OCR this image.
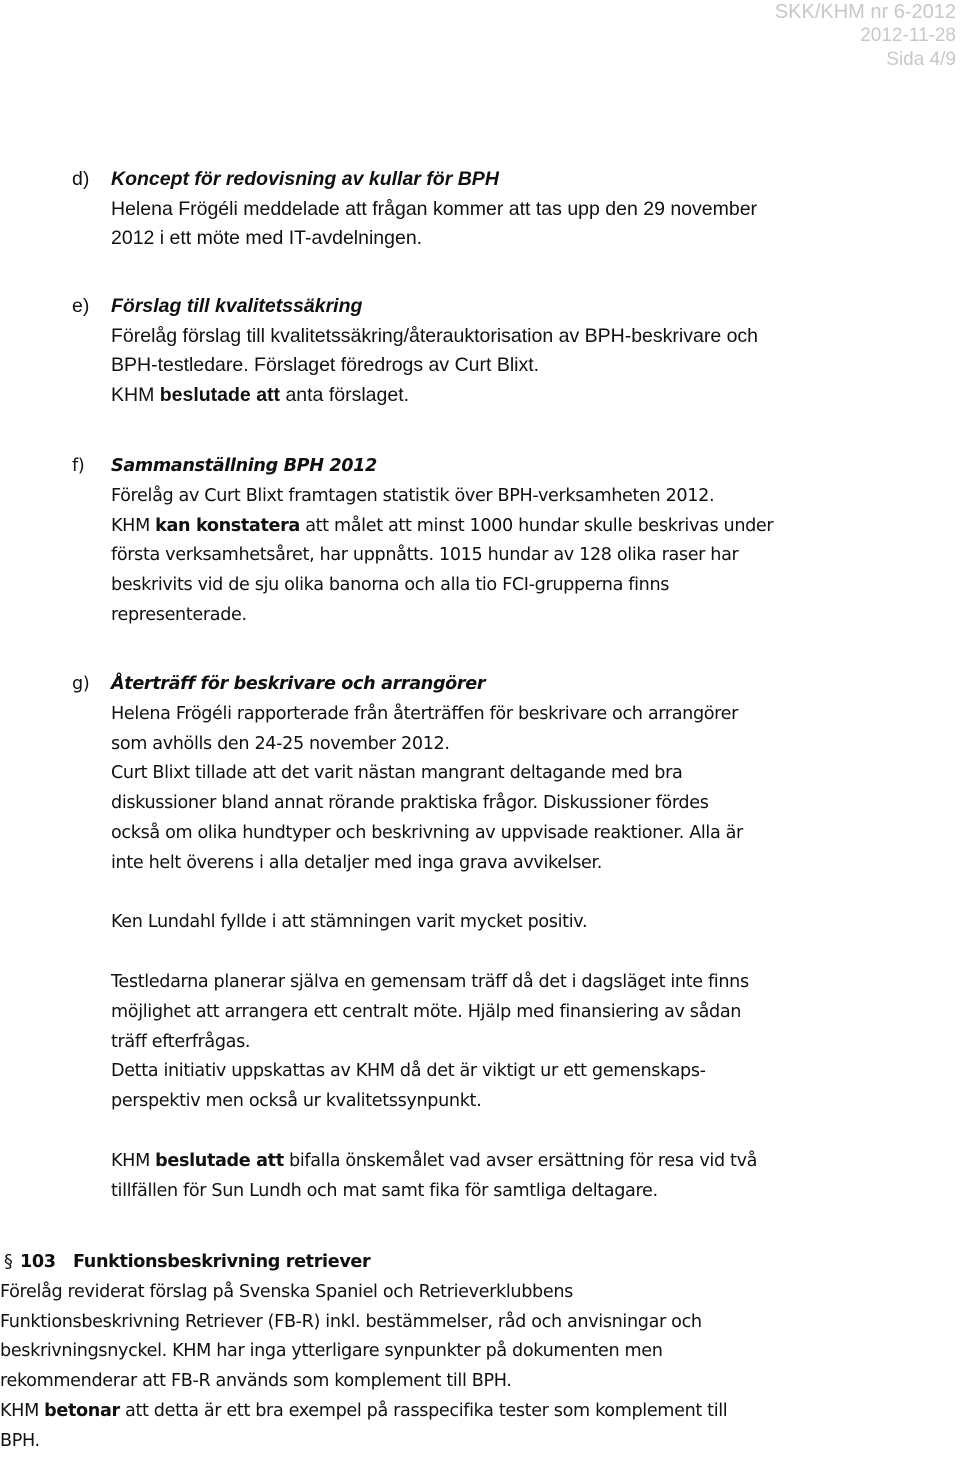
SKK/KHM nr 6-2012
2012-11-28
Sida 4/9
d) Koncept för redovisning av kullar för BPH
Helena Frögéli meddelade att frågan kommer att tas upp den 29 november
2012 i ett möte med IT-avdelningen.
e) Förslag till kvalitetssäkring
Förelåg förslag till kvalitetssäkring/återauktorisation av BPH-beskrivare och
BPH-testledare. Förslaget föredrogs av Curt Blixt.
KHM beslutade att anta förslaget.
f) Sammanställning BPH 2012
Förelåg av Curt Blixt framtagen statistik över BPH-verksamheten 2012.
KHM kan konstatera att målet att minst 1000 hundar skulle beskrivas under
första verksamhetsåret, har uppnåtts. 1015 hundar av 128 olika raser har
beskrivits vid de sju olika banorna och alla tio FCI-grupperna finns
representerade.
g) Återträff för beskrivare och arrangörer
Helena Frögéli rapporterade från återträffen för beskrivare och arrangörer
som avhölls den 24-25 november 2012.
Curt Blixt tillade att det varit nästan mangrant deltagande med bra
diskussioner bland annat rörande praktiska frågor. Diskussioner fördes
också om olika hundtyper och beskrivning av uppvisade reaktioner. Alla är
inte helt överens i alla detaljer med inga grava avvikelser.
Ken Lundahl fyllde i att stämningen varit mycket positiv.
Testledarna planerar själva en gemensam träff då det i dagsläget inte finns
möjlighet att arrangera ett centralt möte. Hjälp med finansiering av sådan
träff efterfrågas.
Detta initiativ uppskattas av KHM då det är viktigt ur ett gemenskaps-
perspektiv men också ur kvalitetssynpunkt.
KHM beslutade att bifalla önskemålet vad avser ersättning för resa vid två
tillfällen för Sun Lundh och mat samt fika för samtliga deltagare.
§ 103 Funktionsbeskrivning retriever
Förelåg reviderat förslag på Svenska Spaniel och Retrieverklubbens
Funktionsbeskrivning Retriever (FB-R) inkl. bestämmelser, råd och anvisningar och
beskrivningsnyckel. KHM har inga ytterligare synpunkter på dokumenten men
rekommenderar att FB-R används som komplement till BPH.
KHM betonar att detta är ett bra exempel på rasspecifika tester som komplement till
BPH.
